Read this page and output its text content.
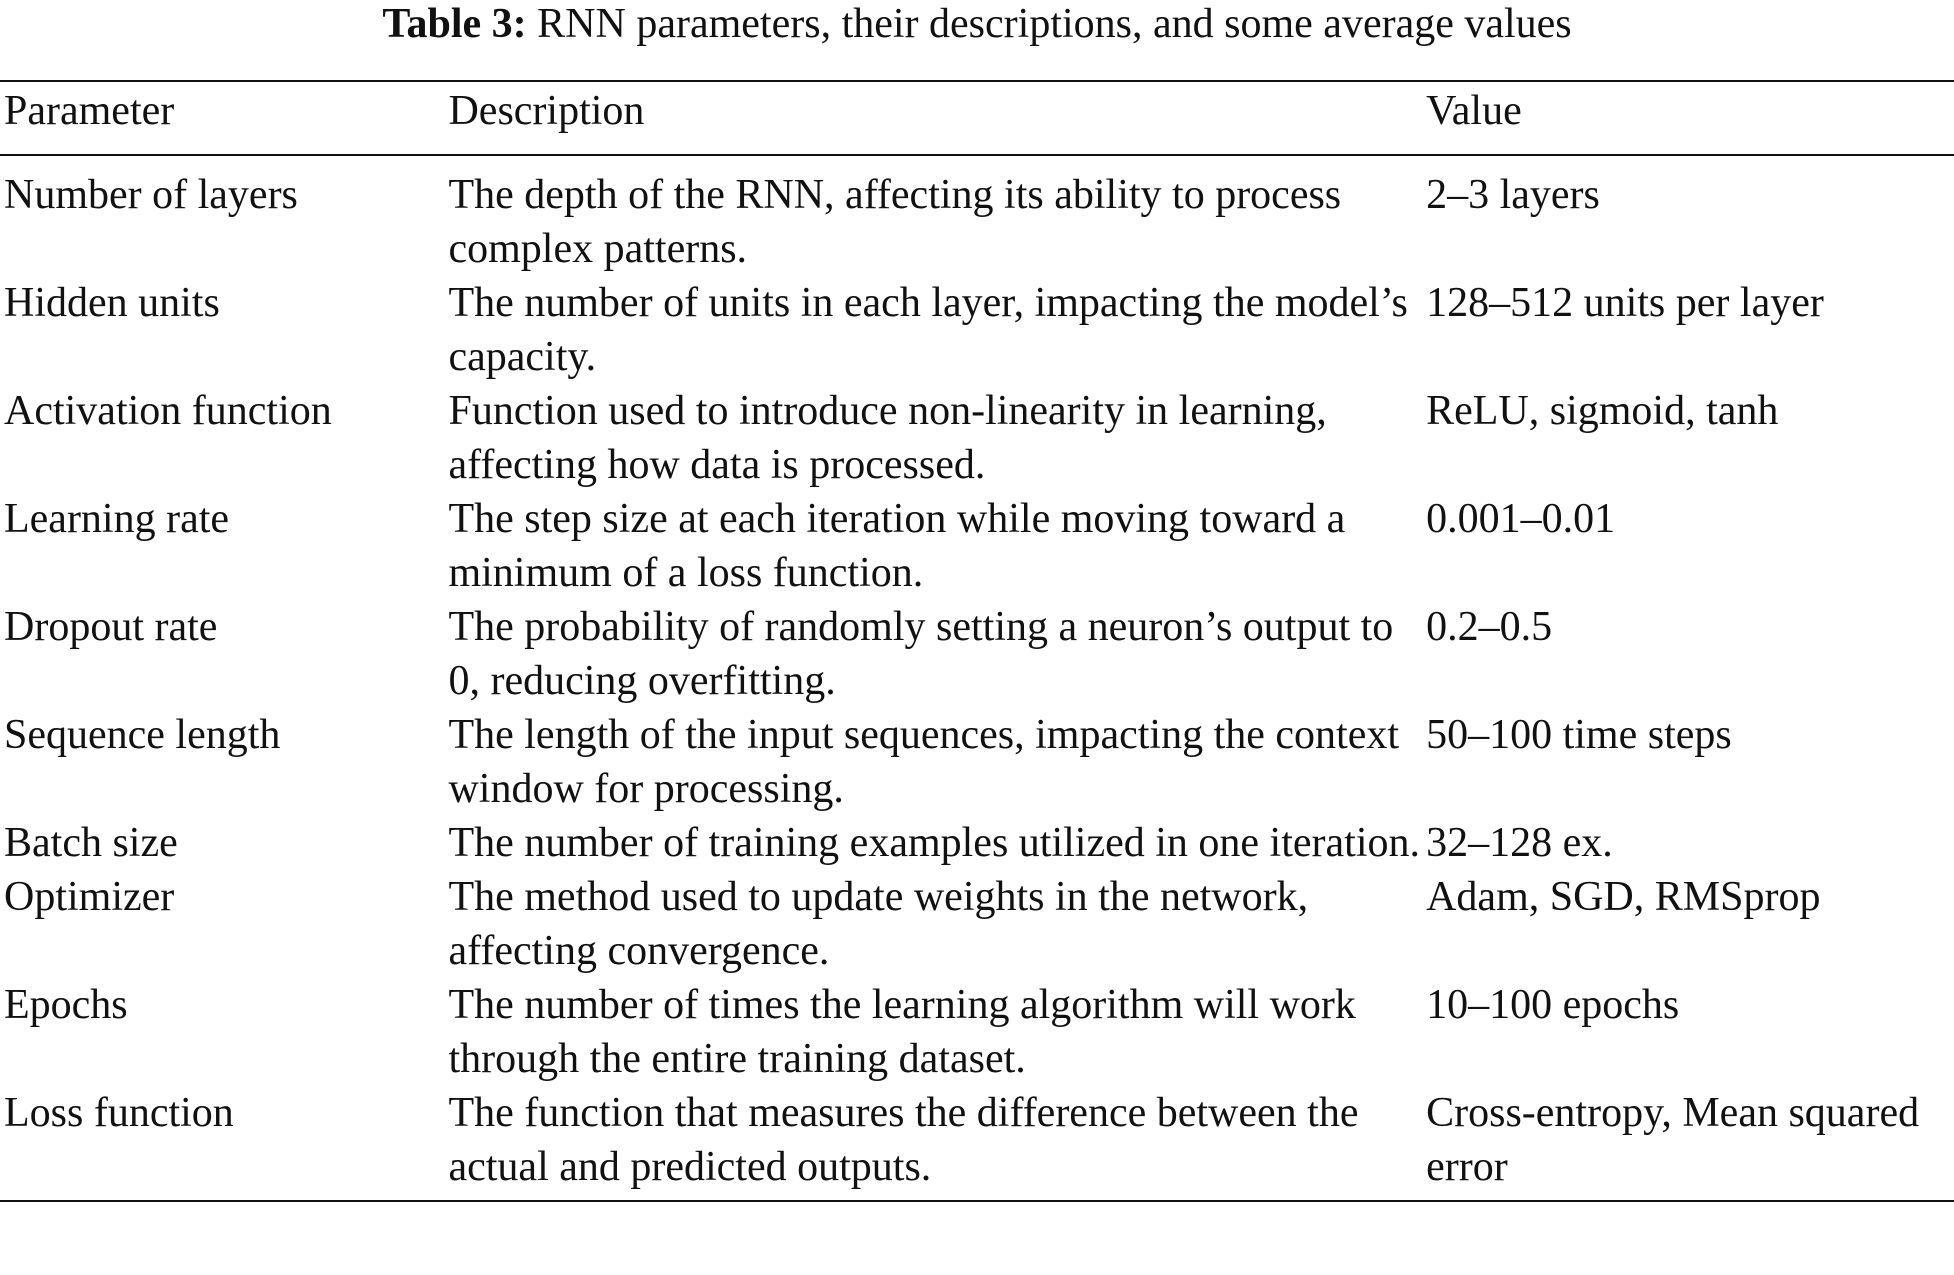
Table 3: RNN parameters, their descriptions, and some average values
Parameter	Description	Value
Number of layers	The depth of the RNN, affecting its ability to process complex patterns.	2–3 layers
Hidden units	The number of units in each layer, impacting the model’s capacity.	128–512 units per layer
Activation function	Function used to introduce non-linearity in learning, affecting how data is processed.	ReLU, sigmoid, tanh
Learning rate	The step size at each iteration while moving toward a minimum of a loss function.	0.001–0.01
Dropout rate	The probability of randomly setting a neuron’s output to 0, reducing overfitting.	0.2–0.5
Sequence length	The length of the input sequences, impacting the context window for processing.	50–100 time steps
Batch size	The number of training examples utilized in one iteration.	32–128 ex.
Optimizer	The method used to update weights in the network, affecting convergence.	Adam, SGD, RMSprop
Epochs	The number of times the learning algorithm will work through the entire training dataset.	10–100 epochs
Loss function	The function that measures the difference between the actual and predicted outputs.	Cross-entropy, Mean squared error
